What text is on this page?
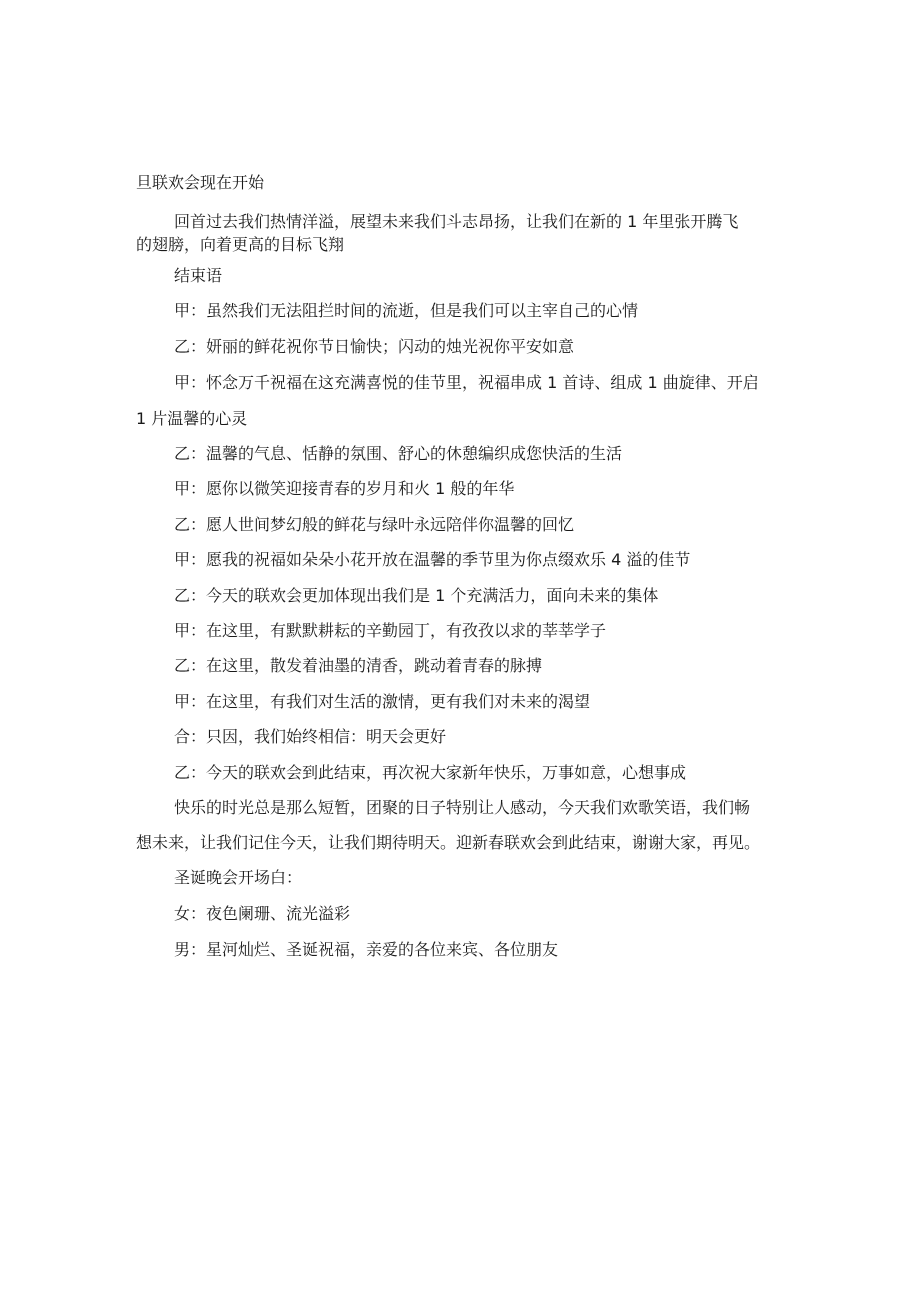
旦联欢会现在开始
回首过去我们热情洋溢，展望未来我们斗志昂扬，让我们在新的 1 年里张开腾飞
的翅膀，向着更高的目标飞翔
结束语
甲：虽然我们无法阻拦时间的流逝，但是我们可以主宰自己的心情
乙：妍丽的鲜花祝你节日愉快；闪动的烛光祝你平安如意
甲：怀念万千祝福在这充满喜悦的佳节里，祝福串成 1 首诗、组成 1 曲旋律、开启
1 片温馨的心灵
乙：温馨的气息、恬静的氛围、舒心的休憩编织成您快活的生活
甲：愿你以微笑迎接青春的岁月和火 1 般的年华
乙：愿人世间梦幻般的鲜花与绿叶永远陪伴你温馨的回忆
甲：愿我的祝福如朵朵小花开放在温馨的季节里为你点缀欢乐 4 溢的佳节
乙：今天的联欢会更加体现出我们是 1 个充满活力，面向未来的集体
甲：在这里，有默默耕耘的辛勤园丁，有孜孜以求的莘莘学子
乙：在这里，散发着油墨的清香，跳动着青春的脉搏
甲：在这里，有我们对生活的激情，更有我们对未来的渴望
合：只因，我们始终相信：明天会更好
乙：今天的联欢会到此结束，再次祝大家新年快乐，万事如意，心想事成
快乐的时光总是那么短暂，团聚的日子特别让人感动，今天我们欢歌笑语，我们畅
想未来，让我们记住今天，让我们期待明天。迎新春联欢会到此结束，谢谢大家，再见。
圣诞晚会开场白：
女：夜色阑珊、流光溢彩
男：星河灿烂、圣诞祝福，亲爱的各位来宾、各位朋友
